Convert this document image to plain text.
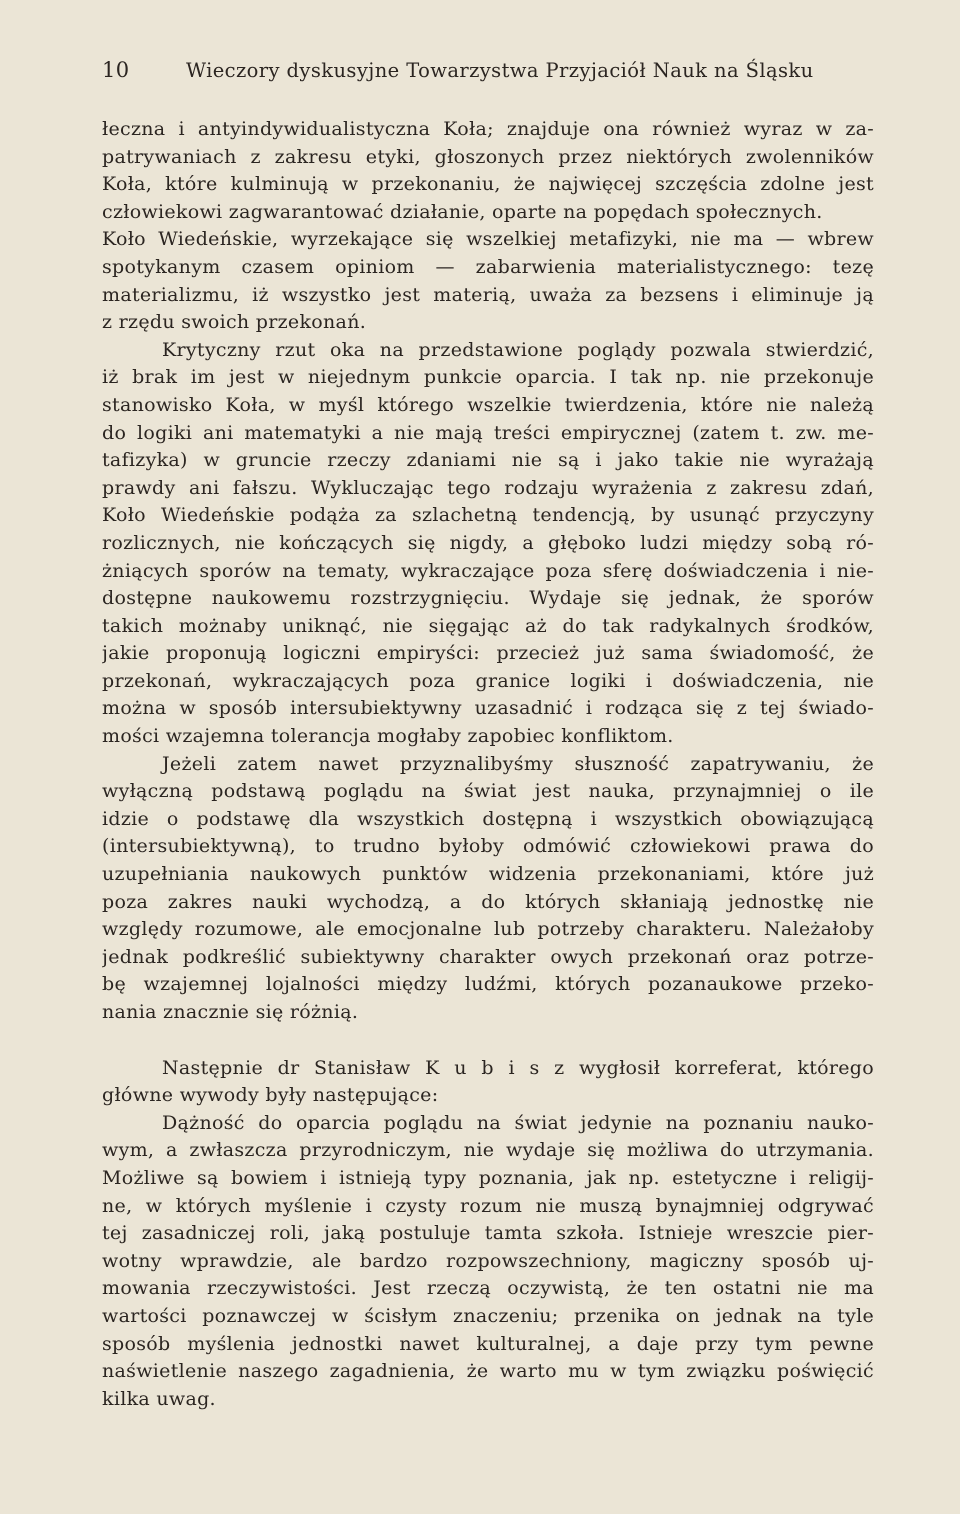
10	Wieczory dyskusyjne Towarzystwa Przyjaciół Nauk na Śląsku
łeczna i antyindywidualistyczna Koła; znajduje ona również wyraz w za-
patrywaniach z zakresu etyki, głoszonych przez niektórych zwolenników
Koła, które kulminują w przekonaniu, że najwięcej szczęścia zdolne jest
człowiekowi zagwarantować działanie, oparte na popędach społecznych.
Koło Wiedeńskie, wyrzekające się wszelkiej metafizyki, nie ma — wbrew
spotykanym czasem opiniom — zabarwienia materialistycznego: tezę
materializmu, iż wszystko jest materią, uważa za bezsens i eliminuje ją
z rzędu swoich przekonań.
Krytyczny rzut oka na przedstawione poglądy pozwala stwierdzić,
iż brak im jest w niejednym punkcie oparcia. I tak np. nie przekonuje
stanowisko Koła, w myśl którego wszelkie twierdzenia, które nie należą
do logiki ani matematyki a nie mają treści empirycznej (zatem t. zw. me-
tafizyka) w gruncie rzeczy zdaniami nie są i jako takie nie wyrażają
prawdy ani fałszu. Wykluczając tego rodzaju wyrażenia z zakresu zdań,
Koło Wiedeńskie podąża za szlachetną tendencją, by usunąć przyczyny
rozlicznych, nie kończących się nigdy, a głęboko ludzi między sobą ró-
żniących sporów na tematy, wykraczające poza sferę doświadczenia i nie-
dostępne naukowemu rozstrzygnięciu. Wydaje się jednak, że sporów
takich możnaby uniknąć, nie sięgając aż do tak radykalnych środków,
jakie proponują logiczni empiryści: przecież już sama świadomość, że
przekonań, wykraczających poza granice logiki i doświadczenia, nie
można w sposób intersubiektywny uzasadnić i rodząca się z tej świado-
mości wzajemna tolerancja mogłaby zapobiec konfliktom.
Jeżeli zatem nawet przyznalibyśmy słuszność zapatrywaniu, że
wyłączną podstawą poglądu na świat jest nauka, przynajmniej o ile
idzie o podstawę dla wszystkich dostępną i wszystkich obowiązującą
(intersubiektywną), to trudno byłoby odmówić człowiekowi prawa do
uzupełniania naukowych punktów widzenia przekonaniami, które już
poza zakres nauki wychodzą, a do których skłaniają jednostkę nie
względy rozumowe, ale emocjonalne lub potrzeby charakteru. Należałoby
jednak podkreślić subiektywny charakter owych przekonań oraz potrze-
bę wzajemnej lojalności między ludźmi, których pozanaukowe przeko-
nania znacznie się różnią.
Następnie dr Stanisław K u b i s z wygłosił korreferat, którego
główne wywody były następujące:
Dążność do oparcia poglądu na świat jedynie na poznaniu nauko-
wym, a zwłaszcza przyrodniczym, nie wydaje się możliwa do utrzymania.
Możliwe są bowiem i istnieją typy poznania, jak np. estetyczne i religij-
ne, w których myślenie i czysty rozum nie muszą bynajmniej odgrywać
tej zasadniczej roli, jaką postuluje tamta szkoła. Istnieje wreszcie pier-
wotny wprawdzie, ale bardzo rozpowszechniony, magiczny sposób uj-
mowania rzeczywistości. Jest rzeczą oczywistą, że ten ostatni nie ma
wartości poznawczej w ścisłym znaczeniu; przenika on jednak na tyle
sposób myślenia jednostki nawet kulturalnej, a daje przy tym pewne
naświetlenie naszego zagadnienia, że warto mu w tym związku poświęcić
kilka uwag.
